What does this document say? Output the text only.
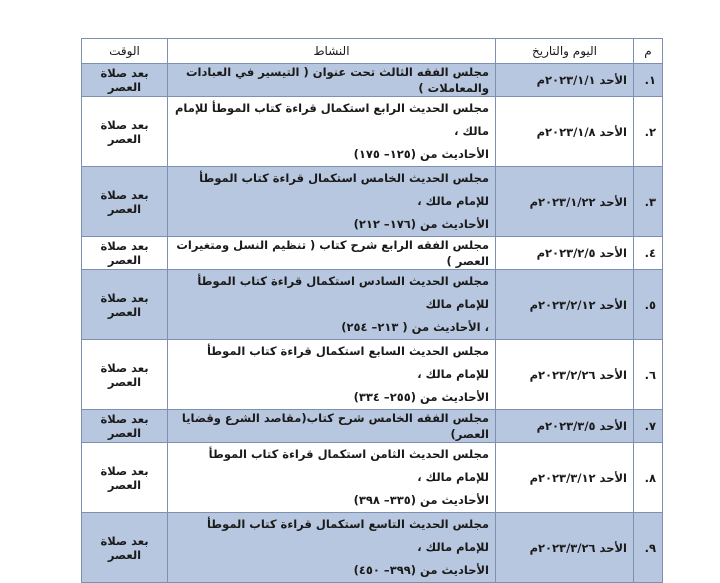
م	اليوم والتاريخ	النشاط	الوقت
١.	الأحد ٢٠٢٣/١/١م	مجلس الفقه الثالث تحت عنوان ( التيسير في العبادات والمعاملات )	بعد صلاة العصر
٢.	الأحد ٢٠٢٣/١/٨م	مجلس الحديث الرابع استكمال قراءة كتاب الموطأ للإمام مالك ،
الأحاديث من (١٢٥– ١٧٥)	بعد صلاة العصر
٣.	الأحد ٢٠٢٣/١/٢٢م	مجلس الحديث الخامس استكمال قراءة كتاب الموطأ للإمام مالك ،
الأحاديث من (١٧٦– ٢١٢)	بعد صلاة العصر
٤.	الأحد ٢٠٢٣/٢/٥م	مجلس الفقه الرابع شرح كتاب ( تنظيم النسل ومتغيرات العصر )	بعد صلاة العصر
٥.	الأحد ٢٠٢٣/٢/١٢م	مجلس الحديث السادس استكمال قراءة كتاب الموطأ للإمام مالك
، الأحاديث من ( ٢١٣– ٢٥٤)	بعد صلاة العصر
٦.	الأحد ٢٠٢٣/٢/٢٦م	مجلس الحديث السابع استكمال قراءة كتاب الموطأ للإمام مالك ،
الأحاديث من (٢٥٥– ٣٣٤)	بعد صلاة العصر
٧.	الأحد ٢٠٢٣/٣/٥م	مجلس الفقه الخامس شرح كتاب(مقاصد الشرع وقضايا العصر)	بعد صلاة العصر
٨.	الأحد ٢٠٢٣/٣/١٢م	مجلس الحديث الثامن استكمال قراءة كتاب الموطأ للإمام مالك ،
الأحاديث من (٣٣٥– ٣٩٨)	بعد صلاة العصر
٩.	الأحد ٢٠٢٣/٣/٢٦م	مجلس الحديث التاسع استكمال قراءة كتاب الموطأ للإمام مالك ،
الأحاديث من (٣٩٩– ٤٥٠)	بعد صلاة العصر
